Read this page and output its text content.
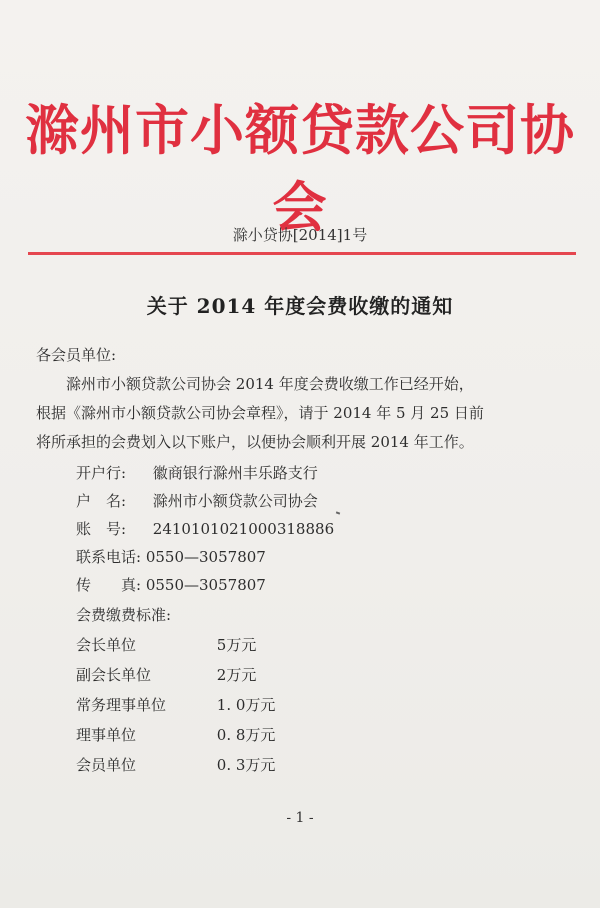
滁州市小额贷款公司协会
滁小贷协[2014]1号
关于 2014 年度会费收缴的通知
各会员单位:
滁州市小额贷款公司协会 2014 年度会费收缴工作已经开始，
根据《滁州市小额贷款公司协会章程》，请于 2014 年 5 月 25 日前
将所承担的会费划入以下账户，以便协会顺利开展 2014 年工作。
开户行: 徽商银行滁州丰乐路支行
户　名: 滁州市小额贷款公司协会
账　号: 2410101021000318886
联系电话: 0550—3057807
传　　真: 0550—3057807
会费缴费标准:
会长单位	5万元
副会长单位	2万元
常务理事单位	1. 0万元
理事单位	0. 8万元
会员单位	0. 3万元
- 1 -
